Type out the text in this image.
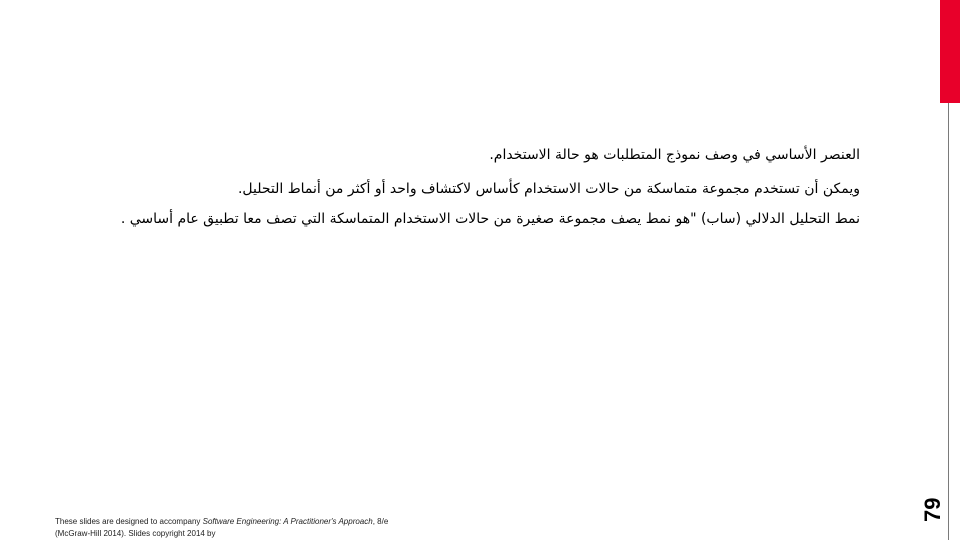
79

العنصر الأساسي في وصف نموذج المتطلبات هو حالة الاستخدام.

ويمكن أن تستخدم مجموعة متماسكة من حالات الاستخدام كأساس لاكتشاف واحد أو أكثر من أنماط التحليل.

نمط التحليل الدلالي (ساب) "هو نمط يصف مجموعة صغيرة من حالات الاستخدام المتماسكة التي تصف معا تطبيق عام أساسي .

These slides are designed to accompany Software Engineering: A Practitioner's Approach, 8/e (McGraw-Hill 2014). Slides copyright 2014 by
